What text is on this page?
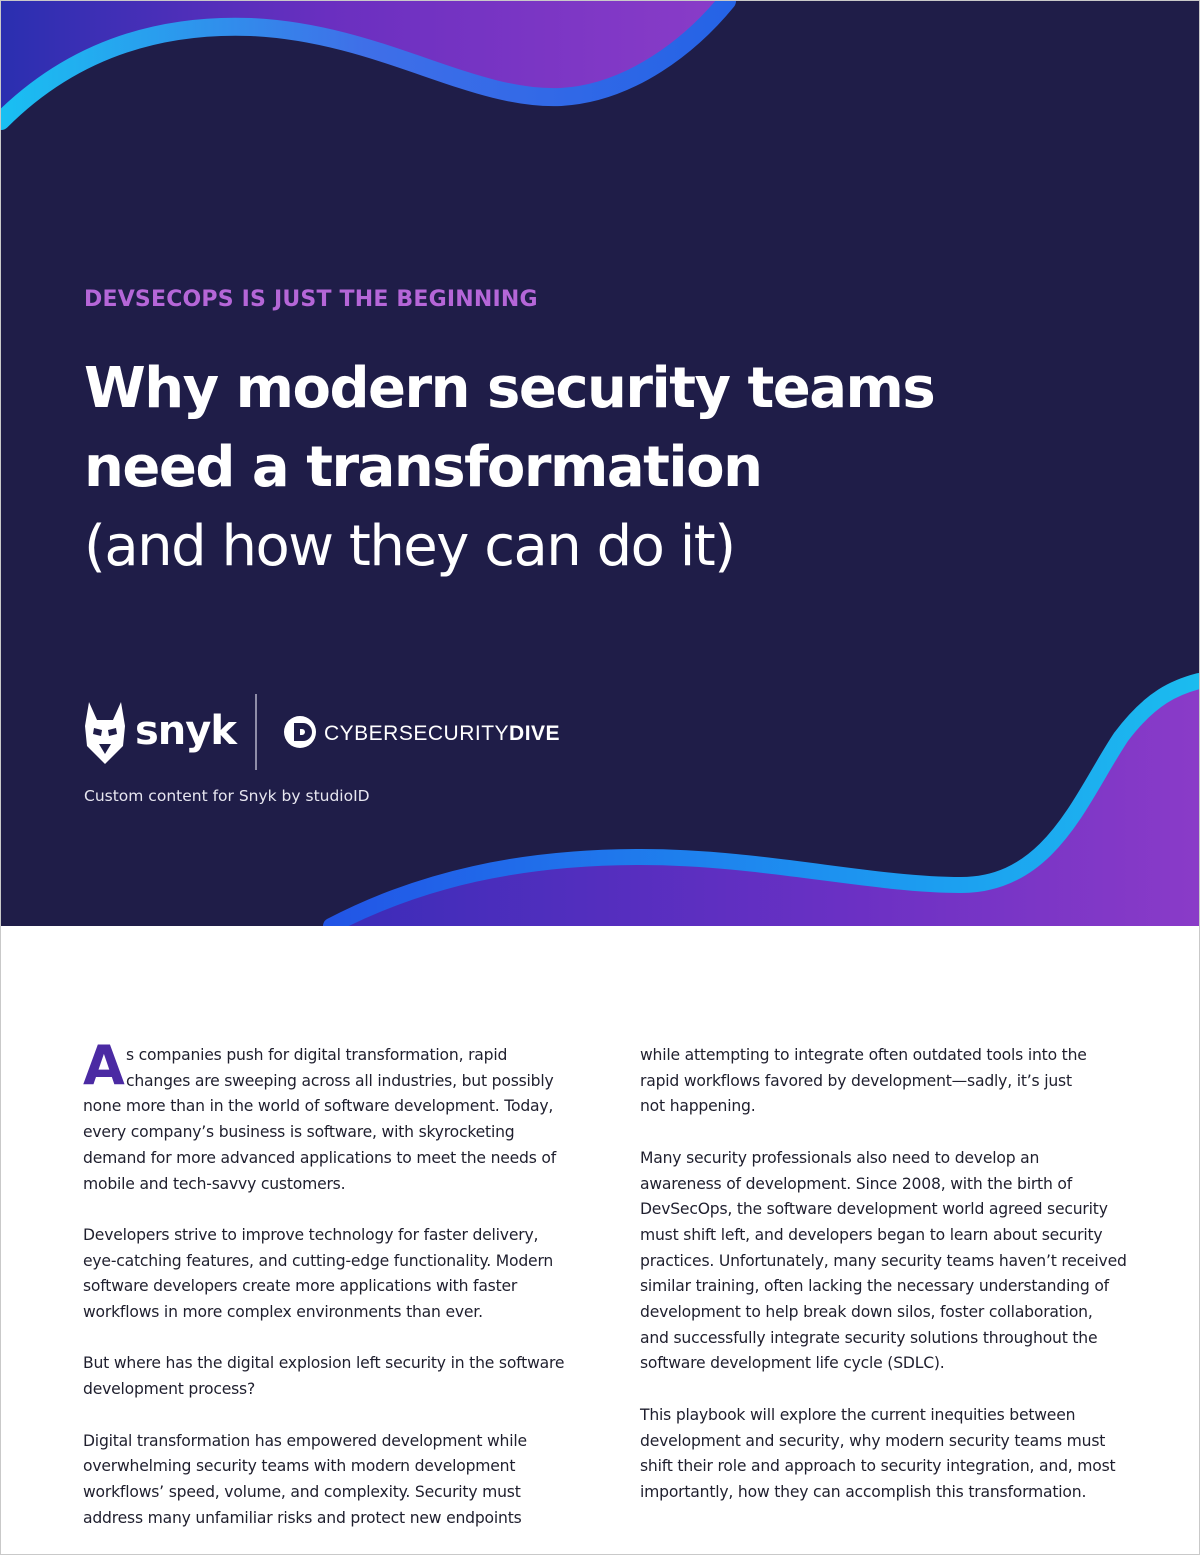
DEVSECOPS IS JUST THE BEGINNING
Why modern security teams
need a transformation
(and how they can do it)
snyk	CYBERSECURITYDIVE
Custom content for Snyk by studioID

A s companies push for digital transformation, rapid
changes are sweeping across all industries, but possibly
none more than in the world of software development. Today,
every company’s business is software, with skyrocketing
demand for more advanced applications to meet the needs of
mobile and tech-savvy customers.

Developers strive to improve technology for faster delivery,
eye-catching features, and cutting-edge functionality. Modern
software developers create more applications with faster
workflows in more complex environments than ever.

But where has the digital explosion left security in the software
development process?

Digital transformation has empowered development while
overwhelming security teams with modern development
workflows’ speed, volume, and complexity. Security must
address many unfamiliar risks and protect new endpoints

while attempting to integrate often outdated tools into the
rapid workflows favored by development—sadly, it’s just
not happening.

Many security professionals also need to develop an
awareness of development. Since 2008, with the birth of
DevSecOps, the software development world agreed security
must shift left, and developers began to learn about security
practices. Unfortunately, many security teams haven’t received
similar training, often lacking the necessary understanding of
development to help break down silos, foster collaboration,
and successfully integrate security solutions throughout the
software development life cycle (SDLC).

This playbook will explore the current inequities between
development and security, why modern security teams must
shift their role and approach to security integration, and, most
importantly, how they can accomplish this transformation.
